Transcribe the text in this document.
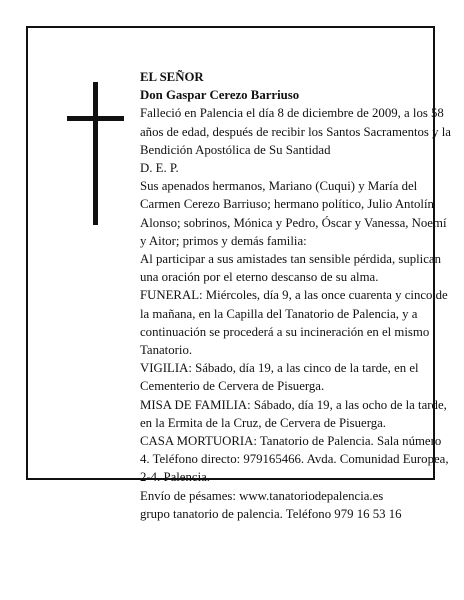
EL SEÑOR

Don Gaspar Cerezo Barriuso

Falleció en Palencia el día 8 de diciembre de 2009, a los 58 años de edad, después de recibir los Santos Sacramentos y la Bendición Apostólica de Su Santidad

D. E. P.

Sus apenados hermanos, Mariano (Cuqui) y María del Carmen Cerezo Barriuso; hermano político, Julio Antolín Alonso; sobrinos, Mónica y Pedro, Óscar y Vanessa, Noemí y Aitor; primos y demás familia:

Al participar a sus amistades tan sensible pérdida, suplican una oración por el eterno descanso de su alma.

FUNERAL: Miércoles, día 9, a las once cuarenta y cinco de la mañana, en la Capilla del Tanatorio de Palencia, y a continuación se procederá a su incineración en el mismo Tanatorio.

VIGILIA: Sábado, día 19, a las cinco de la tarde, en el Cementerio de Cervera de Pisuerga.

MISA DE FAMILIA: Sábado, día 19, a las ocho de la tarde, en la Ermita de la Cruz, de Cervera de Pisuerga.

CASA MORTUORIA: Tanatorio de Palencia. Sala número 4. Teléfono directo: 979165466. Avda. Comunidad Europea, 2-4. Palencia.

Envío de pésames: www.tanatoriodepalencia.es

grupo tanatorio de palencia. Teléfono 979 16 53 16
